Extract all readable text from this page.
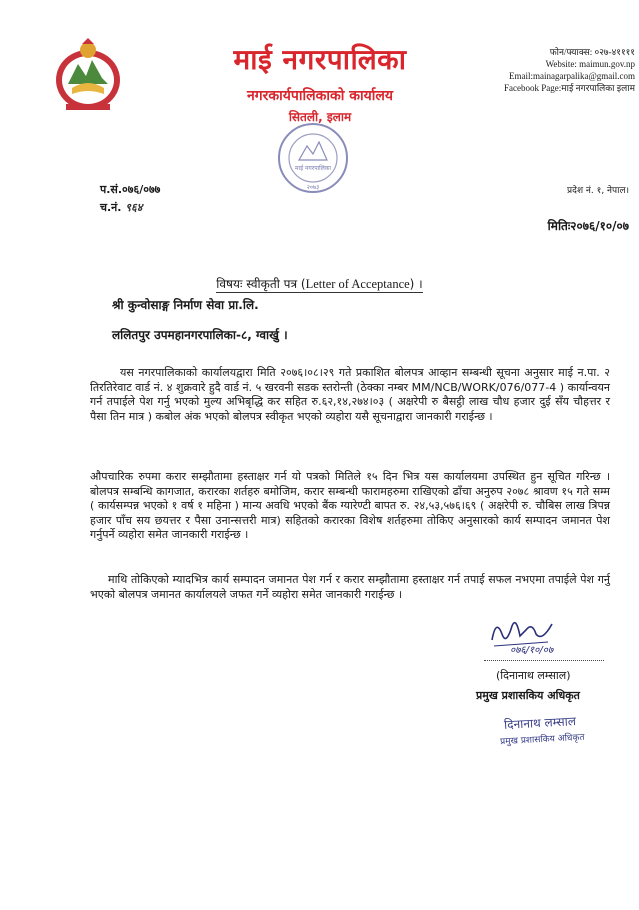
माई नगरपालिका
नगरकार्यपालिकाको कार्यालय
सितली, इलाम
फोन/फ्याक्स: ०२७-४११११
Website: maimun.gov.np
Email:mainagarpalika@gmail.com
Facebook Page:माई नगरपालिका इलाम
माई नगरपालिका
२०७३
प.सं.०७६/०७७
च.नं. ९६४
प्रदेश नं. १, नेपाल।
मितिः२०७६/१०/०७
विषयः स्वीकृती पत्र (Letter of Acceptance) ।
श्री कुन्वोसाङ्ग निर्माण सेवा प्रा.लि.
ललितपुर उपमहानगरपालिका-८, ग्वार्खु ।
यस नगरपालिकाको कार्यालयद्वारा मिति २०७६।०८।२९ गते प्रकाशित बोलपत्र आव्हान सम्बन्धी सूचना अनुसार माई न.पा. २ तिरतिरेवाट वार्ड नं. ४ शुक्रवारे हुदै वार्ड नं. ५ खरवनी सडक स्तरोन्ती (ठेक्का नम्बर MM/NCB/WORK/076/077-4 ) कार्यान्वयन गर्न तपाईले पेश गर्नु भएको मुल्य अभिबृद्धि कर सहित रु.६२,१४,२७४।०३ ( अक्षरेपी रु बैसट्ठी लाख चौध हजार दुई सँय चौहत्तर र पैसा तिन मात्र ) कबोल अंक भएको बोलपत्र स्वीकृत भएको व्यहोरा यसै सूचनाद्वारा जानकारी गराईन्छ ।
औपचारिक रुपमा करार सम्झौतामा हस्ताक्षर गर्न यो पत्रको मितिले १५ दिन भित्र यस कार्यालयमा उपस्थित हुन सूचित गरिन्छ । बोलपत्र सम्बन्धि कागजात, करारका शर्तहरु बमोजिम, करार सम्बन्धी फारामहरुमा राखिएको ढाँचा अनुरुप २०७८ श्रावण १५ गते सम्म ( कार्यसम्पन्न भएको १ वर्ष १ महिना ) मान्य अवधि भएको बैंक ग्यारेण्टी बापत रु. २४,५३,५७६।६९ ( अक्षरेपी रु. चौबिस लाख त्रिपन्न हजार पाँच सय छयत्तर र पैसा उनान्सत्तरी मात्र) सहितको करारका विशेष शर्तहरुमा तोकिए अनुसारको कार्य सम्पादन जमानत पेश गर्नुपर्ने व्यहोरा समेत जानकारी गराईन्छ ।
माथि तोकिएको म्यादभित्र कार्य सम्पादन जमानत पेश गर्न र करार सम्झौतामा हस्ताक्षर गर्न तपाई सफल नभएमा तपाईले पेश गर्नु भएको बोलपत्र जमानत कार्यालयले जफत गर्ने व्यहोरा समेत जानकारी गराईन्छ ।
०७६/१०/०७
(दिनानाथ लम्साल)
प्रमुख प्रशासकिय अधिकृत
दिनानाथ लम्साल
प्रमुख प्रशासकिय अधिकृत
